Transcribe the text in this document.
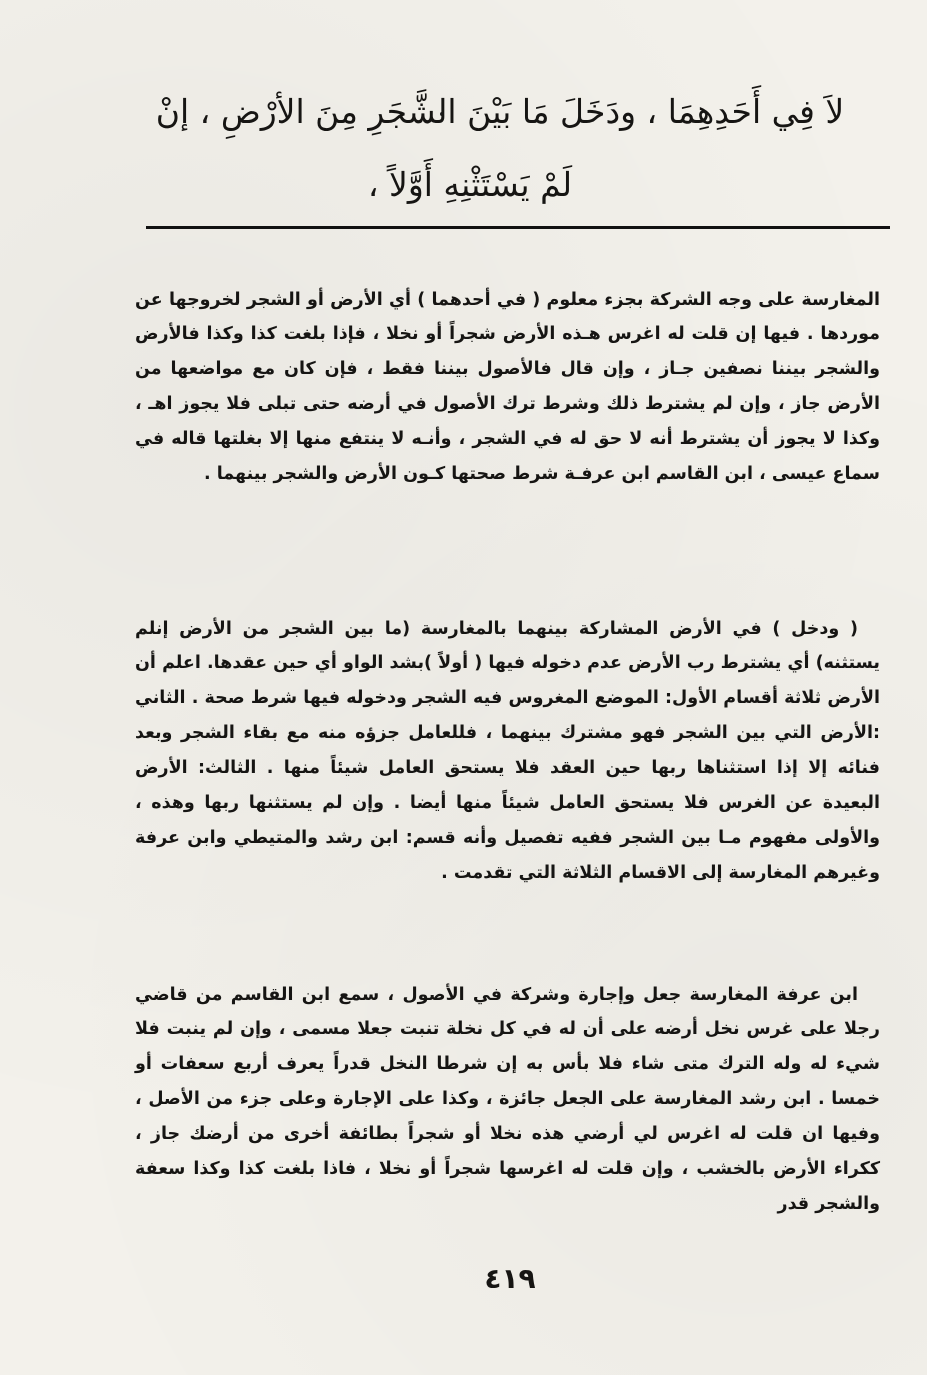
لاَ فِي أَحَدِهِمَا ، ودَخَلَ مَا بَيْنَ الشَّجَرِ مِنَ الأرْضِ ، إنْ
لَمْ يَسْتَثْنِهِ أَوَّلاً ،

المغارسة على وجه الشركة بجزء معلوم ( في أحدهما ) أي الأرض أو الشجر لخروجها عن موردها . فيها إن قلت له اغرس هـذه الأرض شجراً أو نخلا ، فإذا بلغت كذا وكذا فالأرض والشجر بيننا نصفين جـاز ، وإن قال فالأصول بيننا فقط ، فإن كان مع مواضعها من الأرض جاز ، وإن لم يشترط ذلك وشرط ترك الأصول في أرضه حتى تبلى فلا يجوز اهـ ، وكذا لا يجوز أن يشترط أنه لا حق له في الشجر ، وأنـه لا ينتفع منها إلا بغلتها قاله في سماع عيسى ، ابن القاسم ابن عرفـة شرط صحتها كـون الأرض والشجر بينهما .

( ودخل ) في الأرض المشاركة بينهما بالمغارسة (ما بين الشجر من الأرض إنلم يستثنه) أي يشترط رب الأرض عدم دخوله فيها ( أولاً )بشد الواو أي حين عقدها. اعلم أن الأرض ثلاثة أقسام الأول: الموضع المغروس فيه الشجر ودخوله فيها شرط صحة . الثاني :الأرض التي بين الشجر فهو مشترك بينهما ، فللعامل جزؤه منه مع بقاء الشجر وبعد فنائه إلا إذا استثناها ربها حين العقد فلا يستحق العامل شيئاً منها . الثالث: الأرض البعيدة عن الغرس فلا يستحق العامل شيئاً منها أيضا . وإن لم يستثنها ربها وهذه ، والأولى مفهوم مـا بين الشجر ففيه تفصيل وأنه قسم: ابن رشد والمتيطي وابن عرفة وغيرهم المغارسة إلى الاقسام الثلاثة التي تقدمت .

ابن عرفة المغارسة جعل وإجارة وشركة في الأصول ، سمع ابن القاسم من قاضي رجلا على غرس نخل أرضه على أن له في كل نخلة تنبت جعلا مسمى ، وإن لم ينبت فلا شيء له وله الترك متى شاء فلا بأس به إن شرطا النخل قدراً يعرف أربع سعفات أو خمسا . ابن رشد المغارسة على الجعل جائزة ، وكذا على الإجارة وعلى جزء من الأصل ، وفيها ان قلت له اغرس لي أرضي هذه نخلا أو شجراً بطائفة أخرى من أرضك جاز ، ككراء الأرض بالخشب ، وإن قلت له اغرسها شجراً أو نخلا ، فاذا بلغت كذا وكذا سعفة والشجر قدر

٤١٩
